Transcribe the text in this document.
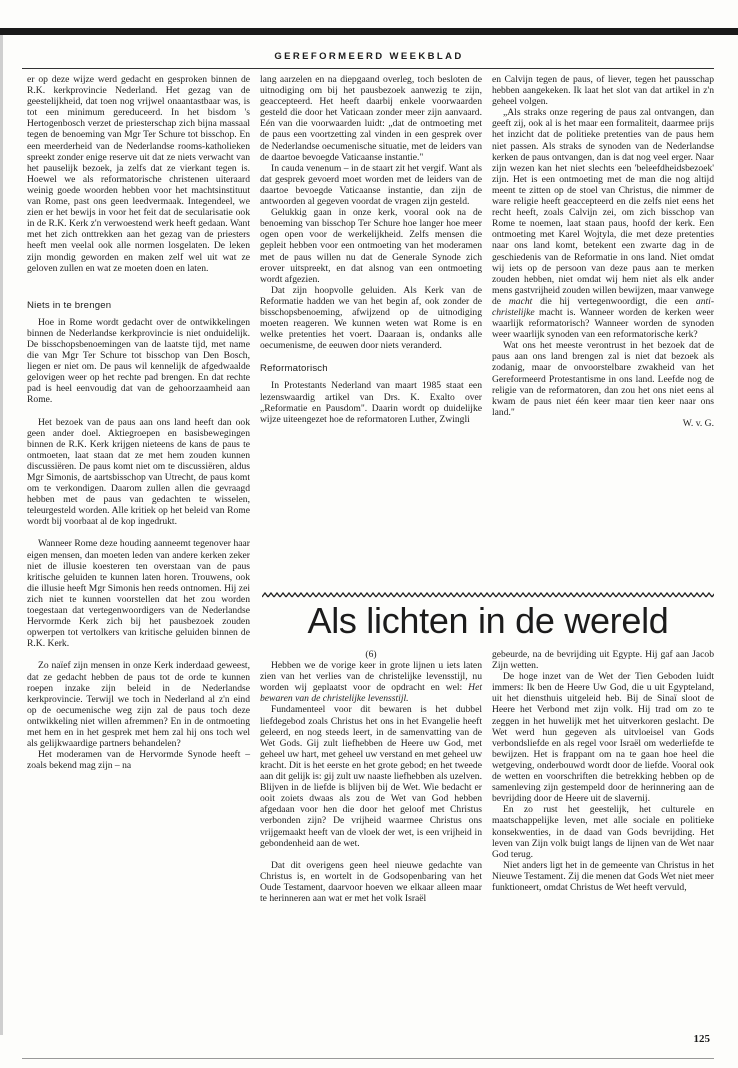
GEREFORMEERD WEEKBLAD

er op deze wijze werd gedacht en gesproken binnen de R.K. kerkprovincie Nederland. Het gezag van de geestelijkheid, dat toen nog vrijwel onaantastbaar was, is tot een minimum gereduceerd. In het bisdom 's Hertogenbosch verzet de priesterschap zich bijna massaal tegen de benoeming van Mgr Ter Schure tot bisschop. En een meerderheid van de Nederlandse rooms-katholieken spreekt zonder enige reserve uit dat ze niets verwacht van het pauselijk bezoek, ja zelfs dat ze vierkant tegen is. Hoewel we als reformatorische christenen uiteraard weinig goede woorden hebben voor het machtsinstituut van Rome, past ons geen leedvermaak. Integendeel, we zien er het bewijs in voor het feit dat de secularisatie ook in de R.K. Kerk z'n verwoestend werk heeft gedaan. Want met het zich onttrekken aan het gezag van de priesters heeft men veelal ook alle normen losgelaten. De leken zijn mondig geworden en maken zelf wel uit wat ze geloven zullen en wat ze moeten doen en laten.

Niets in te brengen

Hoe in Rome wordt gedacht over de ontwikkelingen binnen de Nederlandse kerkprovincie is niet onduidelijk. De bisschopsbenoemingen van de laatste tijd, met name die van Mgr Ter Schure tot bisschop van Den Bosch, liegen er niet om. De paus wil kennelijk de afgedwaalde gelovigen weer op het rechte pad brengen. En dat rechte pad is heel eenvoudig dat van de gehoorzaamheid aan Rome.

Het bezoek van de paus aan ons land heeft dan ook geen ander doel. Aktiegroepen en basisbewegingen binnen de R.K. Kerk krijgen nieteens de kans de paus te ontmoeten, laat staan dat ze met hem zouden kunnen discussiëren. De paus komt niet om te discussiëren, aldus Mgr Simonis, de aartsbisschop van Utrecht, de paus komt om te verkondigen. Daarom zullen allen die gevraagd hebben met de paus van gedachten te wisselen, teleurgesteld worden. Alle kritiek op het beleid van Rome wordt bij voorbaat al de kop ingedrukt.

Wanneer Rome deze houding aanneemt tegenover haar eigen mensen, dan moeten leden van andere kerken zeker niet de illusie koesteren ten overstaan van de paus kritische geluiden te kunnen laten horen. Trouwens, ook die illusie heeft Mgr Simonis hen reeds ontnomen. Hij zei zich niet te kunnen voorstellen dat het zou worden toegestaan dat vertegenwoordigers van de Nederlandse Hervormde Kerk zich bij het pausbezoek zouden opwerpen tot vertolkers van kritische geluiden binnen de R.K. Kerk.

Zo naïef zijn mensen in onze Kerk inderdaad geweest, dat ze gedacht hebben de paus tot de orde te kunnen roepen inzake zijn beleid in de Nederlandse kerkprovincie. Terwijl we toch in Nederland al z'n eind op de oecumenische weg zijn zal de paus toch deze ontwikkeling niet willen afremmen? En in de ontmoeting met hem en in het gesprek met hem zal hij ons toch wel als gelijkwaardige partners behandelen?

Het moderamen van de Hervormde Synode heeft – zoals bekend mag zijn – na

lang aarzelen en na diepgaand overleg, toch besloten de uitnodiging om bij het pausbezoek aanwezig te zijn, geaccepteerd. Het heeft daarbij enkele voorwaarden gesteld die door het Vaticaan zonder meer zijn aanvaard. Eén van die voorwaarden luidt: „dat de ontmoeting met de paus een voortzetting zal vinden in een gesprek over de Nederlandse oecumenische situatie, met de leiders van de daartoe bevoegde Vaticaanse instantie."

In cauda venenum – in de staart zit het vergif. Want als dat gesprek gevoerd moet worden met de leiders van de daartoe bevoegde Vaticaanse instantie, dan zijn de antwoorden al gegeven voordat de vragen zijn gesteld.

Gelukkig gaan in onze kerk, vooral ook na de benoeming van bisschop Ter Schure hoe langer hoe meer ogen open voor de werkelijkheid. Zelfs mensen die gepleit hebben voor een ontmoeting van het moderamen met de paus willen nu dat de Generale Synode zich erover uitspreekt, en dat alsnog van een ontmoeting wordt afgezien.

Dat zijn hoopvolle geluiden. Als Kerk van de Reformatie hadden we van het begin af, ook zonder de bisschopsbenoeming, afwijzend op de uitnodiging moeten reageren. We kunnen weten wat Rome is en welke pretenties het voert. Daaraan is, ondanks alle oecumenisme, de eeuwen door niets veranderd.

Reformatorisch

In Protestants Nederland van maart 1985 staat een lezenswaardig artikel van Drs. K. Exalto over „Reformatie en Pausdom". Daarin wordt op duidelijke wijze uiteengezet hoe de reformatoren Luther, Zwingli

en Calvijn tegen de paus, of liever, tegen het pausschap hebben aangekeken. Ik laat het slot van dat artikel in z'n geheel volgen.

„Als straks onze regering de paus zal ontvangen, dan geeft zij, ook al is het maar een formaliteit, daarmee prijs het inzicht dat de politieke pretenties van de paus hem niet passen. Als straks de synoden van de Nederlandse kerken de paus ontvangen, dan is dat nog veel erger. Naar zijn wezen kan het niet slechts een 'beleefdheidsbezoek' zijn. Het is een ontmoeting met de man die nog altijd meent te zitten op de stoel van Christus, die nimmer de ware religie heeft geaccepteerd en die zelfs niet eens het recht heeft, zoals Calvijn zei, om zich bisschop van Rome te noemen, laat staan paus, hoofd der kerk. Een ontmoeting met Karel Wojtyla, die met deze pretenties naar ons land komt, betekent een zwarte dag in de geschiedenis van de Reformatie in ons land. Niet omdat wij iets op de persoon van deze paus aan te merken zouden hebben, niet omdat wij hem niet als elk ander mens gastvrijheid zouden willen bewijzen, maar vanwege de macht die hij vertegenwoordigt, die een anti-christelijke macht is. Wanneer worden de kerken weer waarlijk reformatorisch? Wanneer worden de synoden weer waarlijk synoden van een reformatorische kerk?

Wat ons het meeste verontrust in het bezoek dat de paus aan ons land brengen zal is niet dat bezoek als zodanig, maar de onvoorstelbare zwakheid van het Gereformeerd Protestantisme in ons land. Leefde nog de religie van de reformatoren, dan zou het ons niet eens al kwam de paus niet één keer maar tien keer naar ons land."

W. v. G.

Als lichten in de wereld

(6)

Hebben we de vorige keer in grote lijnen u iets laten zien van het verlies van de christelijke levensstijl, nu worden wij geplaatst voor de opdracht en wel: Het bewaren van de christelijke levensstijl.

Fundamenteel voor dit bewaren is het dubbel liefdegebod zoals Christus het ons in het Evangelie heeft geleerd, en nog steeds leert, in de samenvatting van de Wet Gods. Gij zult liefhebben de Heere uw God, met geheel uw hart, met geheel uw verstand en met geheel uw kracht. Dit is het eerste en het grote gebod; en het tweede aan dit gelijk is: gij zult uw naaste liefhebben als uzelven. Blijven in de liefde is blijven bij de Wet. Wie bedacht er ooit zoiets dwaas als zou de Wet van God hebben afgedaan voor hen die door het geloof met Christus verbonden zijn? De vrijheid waarmee Christus ons vrijgemaakt heeft van de vloek der wet, is een vrijheid in gebondenheid aan de wet.

Dat dit overigens geen heel nieuwe gedachte van Christus is, en wortelt in de Godsopenbaring van het Oude Testament, daarvoor hoeven we elkaar alleen maar te herinneren aan wat er met het volk Israël

gebeurde, na de bevrijding uit Egypte. Hij gaf aan Jacob Zijn wetten.

De hoge inzet van de Wet der Tien Geboden luidt immers: Ik ben de Heere Uw God, die u uit Egypteland, uit het diensthuis uitgeleid heb. Bij de Sinaï sloot de Heere het Verbond met zijn volk. Hij trad om zo te zeggen in het huwelijk met het uitverkoren geslacht. De Wet werd hun gegeven als uitvloeisel van Gods verbondsliefde en als regel voor Israël om wederliefde te bewijzen. Het is frappant om na te gaan hoe heel die wetgeving, onderbouwd wordt door de liefde. Vooral ook de wetten en voorschriften die betrekking hebben op de samenleving zijn gestempeld door de herinnering aan de bevrijding door de Heere uit de slavernij.

En zo rust het geestelijk, het culturele en maatschappelijke leven, met alle sociale en politieke konsekwenties, in de daad van Gods bevrijding. Het leven van Zijn volk buigt langs de lijnen van de Wet naar God terug.

Niet anders ligt het in de gemeente van Christus in het Nieuwe Testament. Zij die menen dat Gods Wet niet meer funktioneert, omdat Christus de Wet heeft vervuld,

125
